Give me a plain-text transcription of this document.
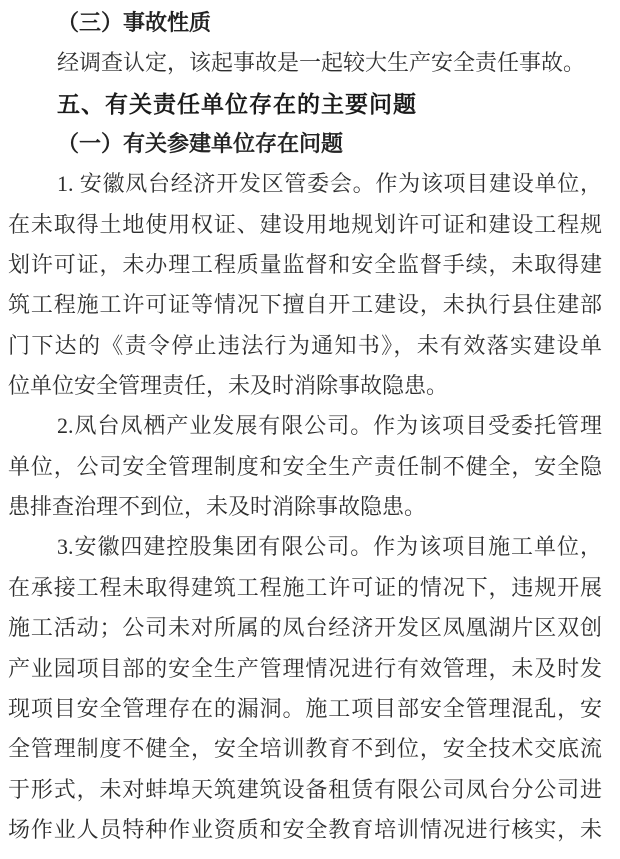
（三）事故性质
经调查认定，该起事故是一起较大生产安全责任事故。
五、有关责任单位存在的主要问题
（一）有关参建单位存在问题
1. 安徽凤台经济开发区管委会。作为该项目建设单位，
在未取得土地使用权证、建设用地规划许可证和建设工程规
划许可证，未办理工程质量监督和安全监督手续，未取得建
筑工程施工许可证等情况下擅自开工建设，未执行县住建部
门下达的《责令停止违法行为通知书》，未有效落实建设单
位单位安全管理责任，未及时消除事故隐患。
2.凤台凤栖产业发展有限公司。作为该项目受委托管理
单位，公司安全管理制度和安全生产责任制不健全，安全隐
患排查治理不到位，未及时消除事故隐患。
3.安徽四建控股集团有限公司。作为该项目施工单位，
在承接工程未取得建筑工程施工许可证的情况下，违规开展
施工活动；公司未对所属的凤台经济开发区凤凰湖片区双创
产业园项目部的安全生产管理情况进行有效管理，未及时发
现项目安全管理存在的漏洞。施工项目部安全管理混乱，安
全管理制度不健全，安全培训教育不到位，安全技术交底流
于形式，未对蚌埠天筑建筑设备租赁有限公司凤台分公司进
场作业人员特种作业资质和安全教育培训情况进行核实，未
